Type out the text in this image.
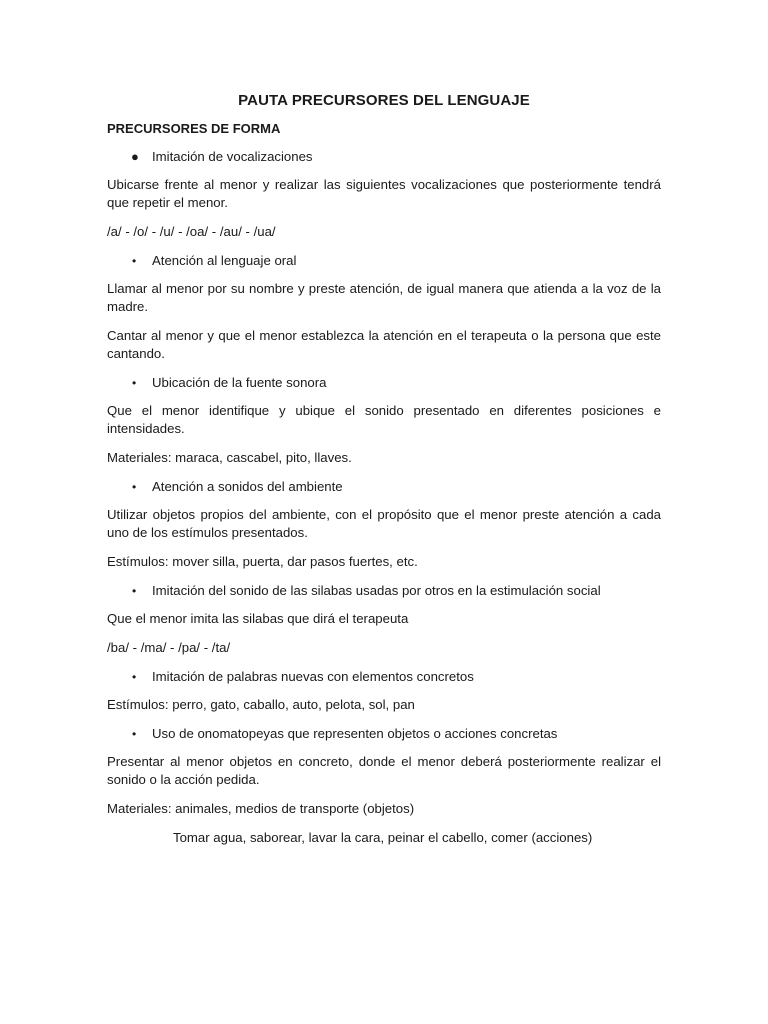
PAUTA PRECURSORES DEL LENGUAJE
PRECURSORES DE FORMA
● Imitación de vocalizaciones

Ubicarse frente al menor y realizar las siguientes vocalizaciones que posteriormente tendrá que repetir el menor.

/a/ - /o/ - /u/ - /oa/ - /au/ - /ua/

• Atención al lenguaje oral

Llamar al menor por su nombre y preste atención, de igual manera que atienda a la voz de la madre.

Cantar al menor y que el menor establezca la atención en el terapeuta o la persona que este cantando.

• Ubicación de la fuente sonora

Que el menor identifique y ubique el sonido presentado en diferentes posiciones e intensidades.

Materiales: maraca, cascabel, pito, llaves.

• Atención a sonidos del ambiente

Utilizar objetos propios del ambiente, con el propósito que el menor preste atención a cada uno de los estímulos presentados.

Estímulos: mover silla, puerta, dar pasos fuertes, etc.

• Imitación del sonido de las silabas usadas por otros en la estimulación social

Que el menor imita las silabas que dirá el terapeuta

/ba/ - /ma/ - /pa/ - /ta/

• Imitación de palabras nuevas con elementos concretos

Estímulos: perro, gato, caballo, auto, pelota, sol, pan

• Uso de onomatopeyas que representen objetos o acciones concretas

Presentar al menor objetos en concreto, donde el menor deberá posteriormente realizar el sonido o la acción pedida.

Materiales: animales, medios de transporte (objetos)

Tomar agua, saborear, lavar la cara, peinar el cabello, comer (acciones)
